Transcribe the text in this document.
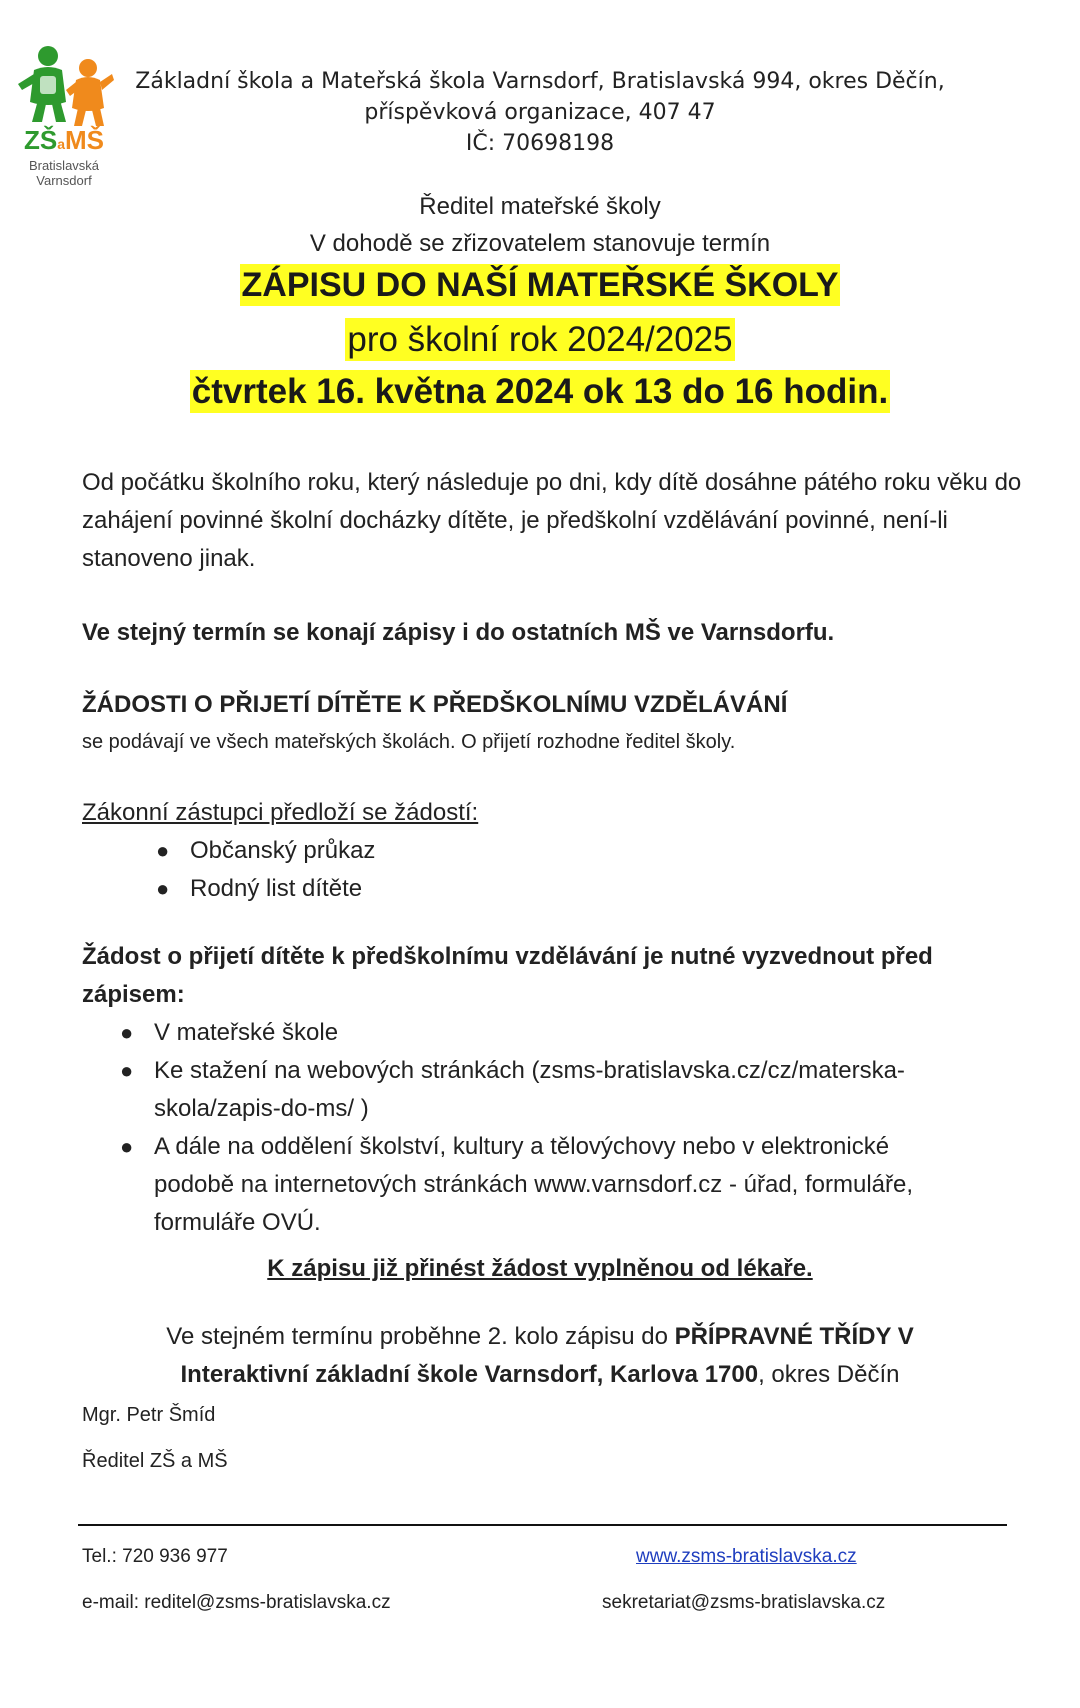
ZŠaMŠ
Bratislavská
Varnsdorf
Základní škola a Mateřská škola Varnsdorf, Bratislavská 994, okres Děčín,
příspěvková organizace, 407 47
IČ: 70698198
Ředitel mateřské školy
V dohodě se zřizovatelem stanovuje termín
ZÁPISU DO NAŠÍ MATEŘSKÉ ŠKOLY
pro školní rok 2024/2025
čtvrtek 16. května 2024 ok 13 do 16 hodin.
Od počátku školního roku, který následuje po dni, kdy dítě dosáhne pátého roku věku do zahájení povinné školní docházky dítěte, je předškolní vzdělávání povinné, není-li stanoveno jinak.
Ve stejný termín se konají zápisy i do ostatních MŠ ve Varnsdorfu.
ŽÁDOSTI O PŘIJETÍ DÍTĚTE K PŘEDŠKOLNÍMU VZDĚLÁVÁNÍ
se podávají ve všech mateřských školách. O přijetí rozhodne ředitel školy.
Zákonní zástupci předloží se žádostí:
● Občanský průkaz
● Rodný list dítěte
Žádost o přijetí dítěte k předškolnímu vzdělávání je nutné vyzvednout před zápisem:
● V mateřské škole
● Ke stažení na webových stránkách (zsms-bratislavska.cz/cz/materska-
skola/zapis-do-ms/ )
● A dále na oddělení školství, kultury a tělovýchovy nebo v elektronické
podobě na internetových stránkách www.varnsdorf.cz - úřad, formuláře,
formuláře OVÚ.
K zápisu již přinést žádost vyplněnou od lékaře.
Ve stejném termínu proběhne 2. kolo zápisu do PŘÍPRAVNÉ TŘÍDY V
Interaktivní základní škole Varnsdorf, Karlova 1700, okres Děčín
Mgr. Petr Šmíd
Ředitel ZŠ a MŠ
Tel.: 720 936 977	www.zsms-bratislavska.cz
e-mail: reditel@zsms-bratislavska.cz	sekretariat@zsms-bratislavska.cz
